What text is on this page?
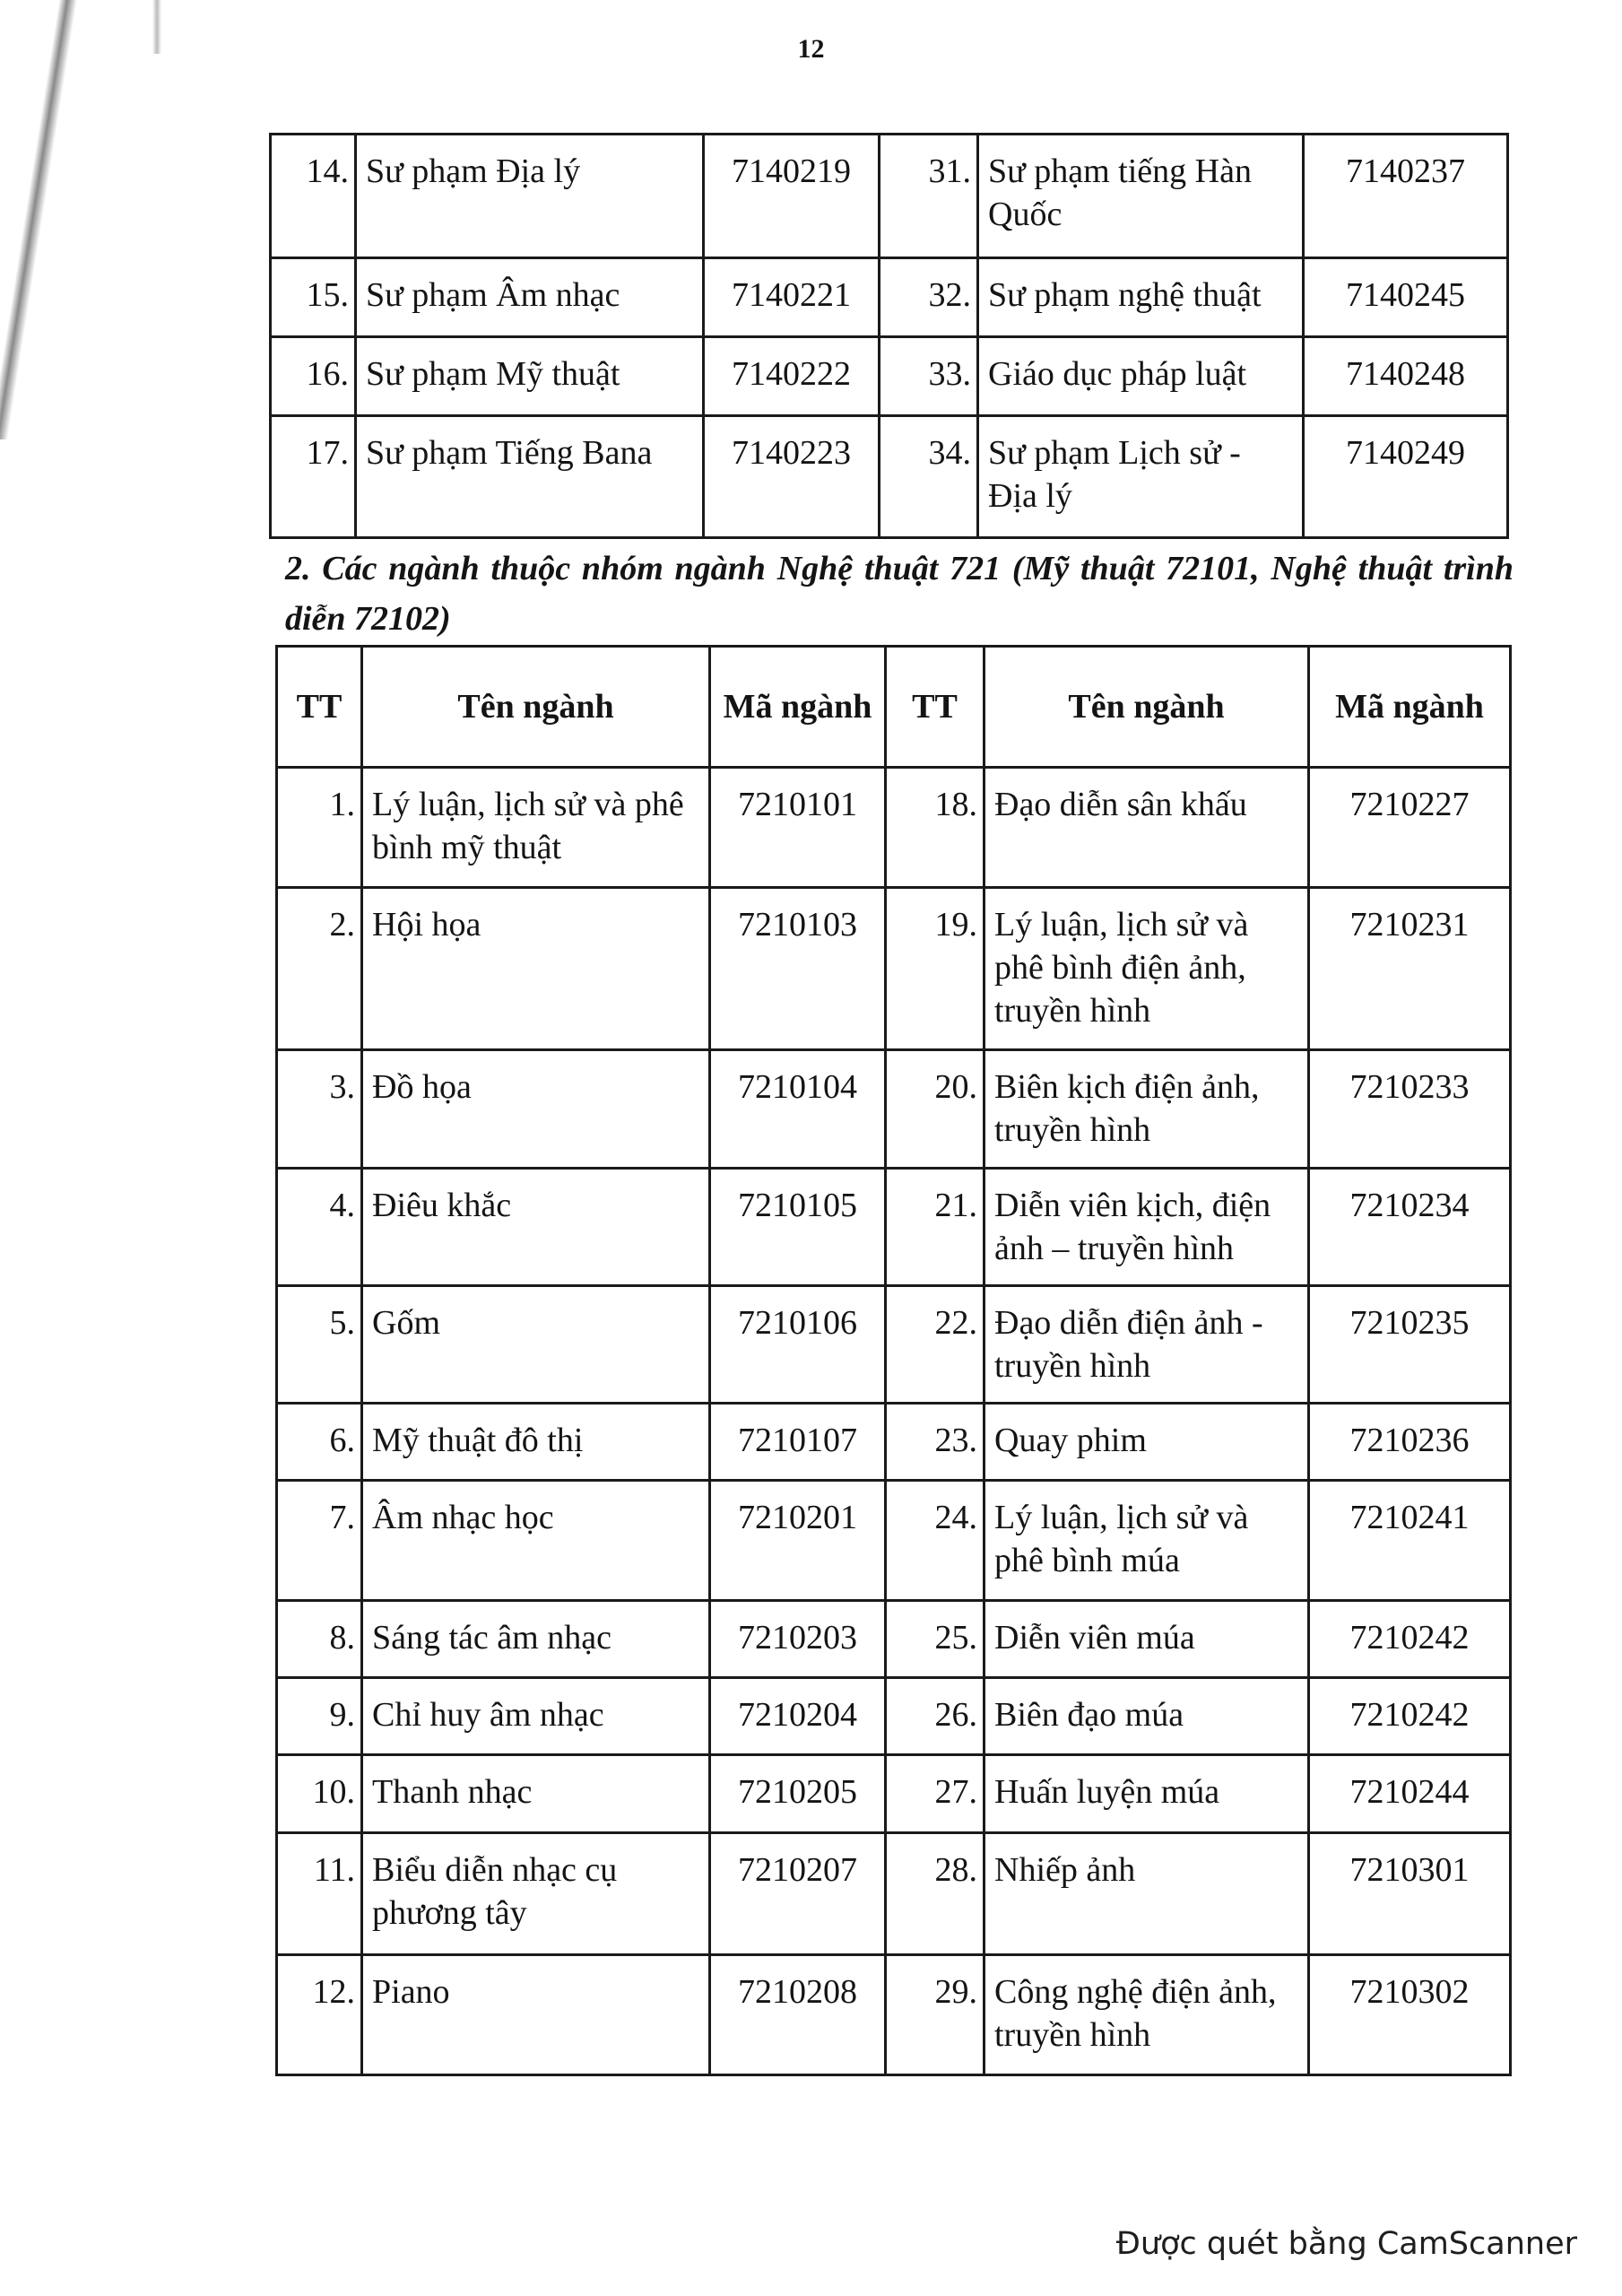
12
14.	Sư phạm Địa lý	7140219	31.	Sư phạm tiếng Hàn Quốc	7140237
15.	Sư phạm Âm nhạc	7140221	32.	Sư phạm nghệ thuật	7140245
16.	Sư phạm Mỹ thuật	7140222	33.	Giáo dục pháp luật	7140248
17.	Sư phạm Tiếng Bana	7140223	34.	Sư phạm Lịch sử - Địa lý	7140249
2. Các ngành thuộc nhóm ngành Nghệ thuật 721 (Mỹ thuật 72101, Nghệ thuật trình diễn 72102)
TT	Tên ngành	Mã ngành	TT	Tên ngành	Mã ngành
1.	Lý luận, lịch sử và phê bình mỹ thuật	7210101	18.	Đạo diễn sân khấu	7210227
2.	Hội họa	7210103	19.	Lý luận, lịch sử và phê bình điện ảnh, truyền hình	7210231
3.	Đồ họa	7210104	20.	Biên kịch điện ảnh, truyền hình	7210233
4.	Điêu khắc	7210105	21.	Diễn viên kịch, điện ảnh – truyền hình	7210234
5.	Gốm	7210106	22.	Đạo diễn điện ảnh - truyền hình	7210235
6.	Mỹ thuật đô thị	7210107	23.	Quay phim	7210236
7.	Âm nhạc học	7210201	24.	Lý luận, lịch sử và phê bình múa	7210241
8.	Sáng tác âm nhạc	7210203	25.	Diễn viên múa	7210242
9.	Chỉ huy âm nhạc	7210204	26.	Biên đạo múa	7210242
10.	Thanh nhạc	7210205	27.	Huấn luyện múa	7210244
11.	Biểu diễn nhạc cụ phương tây	7210207	28.	Nhiếp ảnh	7210301
12.	Piano	7210208	29.	Công nghệ điện ảnh, truyền hình	7210302
Được quét bằng CamScanner
